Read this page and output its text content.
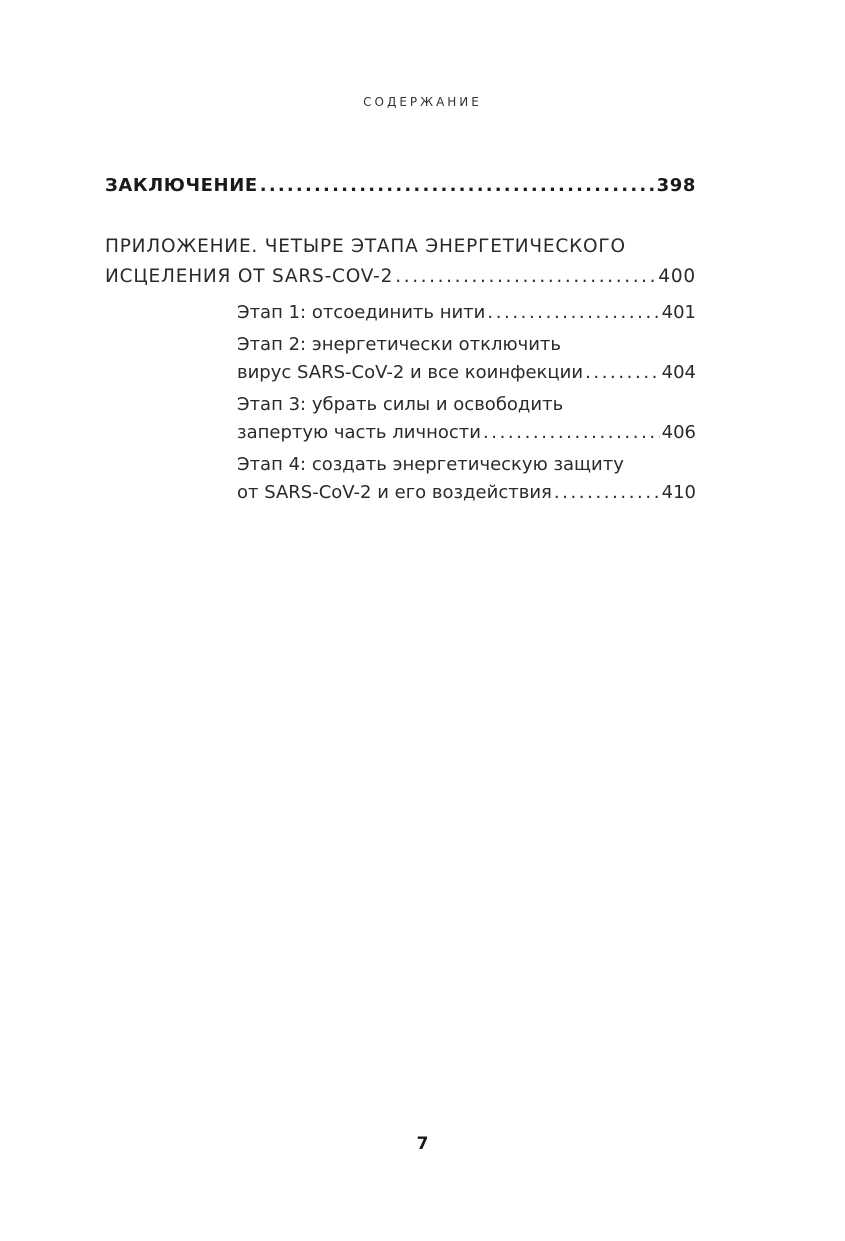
СОДЕРЖАНИЕ
ЗАКЛЮЧЕНИЕ .....	398
ПРИЛОЖЕНИЕ. ЧЕТЫРЕ ЭТАПА ЭНЕРГЕТИЧЕСКОГО
ИСЦЕЛЕНИЯ ОТ SARS-COV-2 .....	400
Этап 1: отсоединить нити .....	401
Этап 2: энергетически отключить
вирус SARS-CoV-2 и все коинфекции .....	404
Этап 3: убрать силы и освободить
запертую часть личности .....	406
Этап 4: создать энергетическую защиту
от SARS-CoV-2 и его воздействия .....	410
7
